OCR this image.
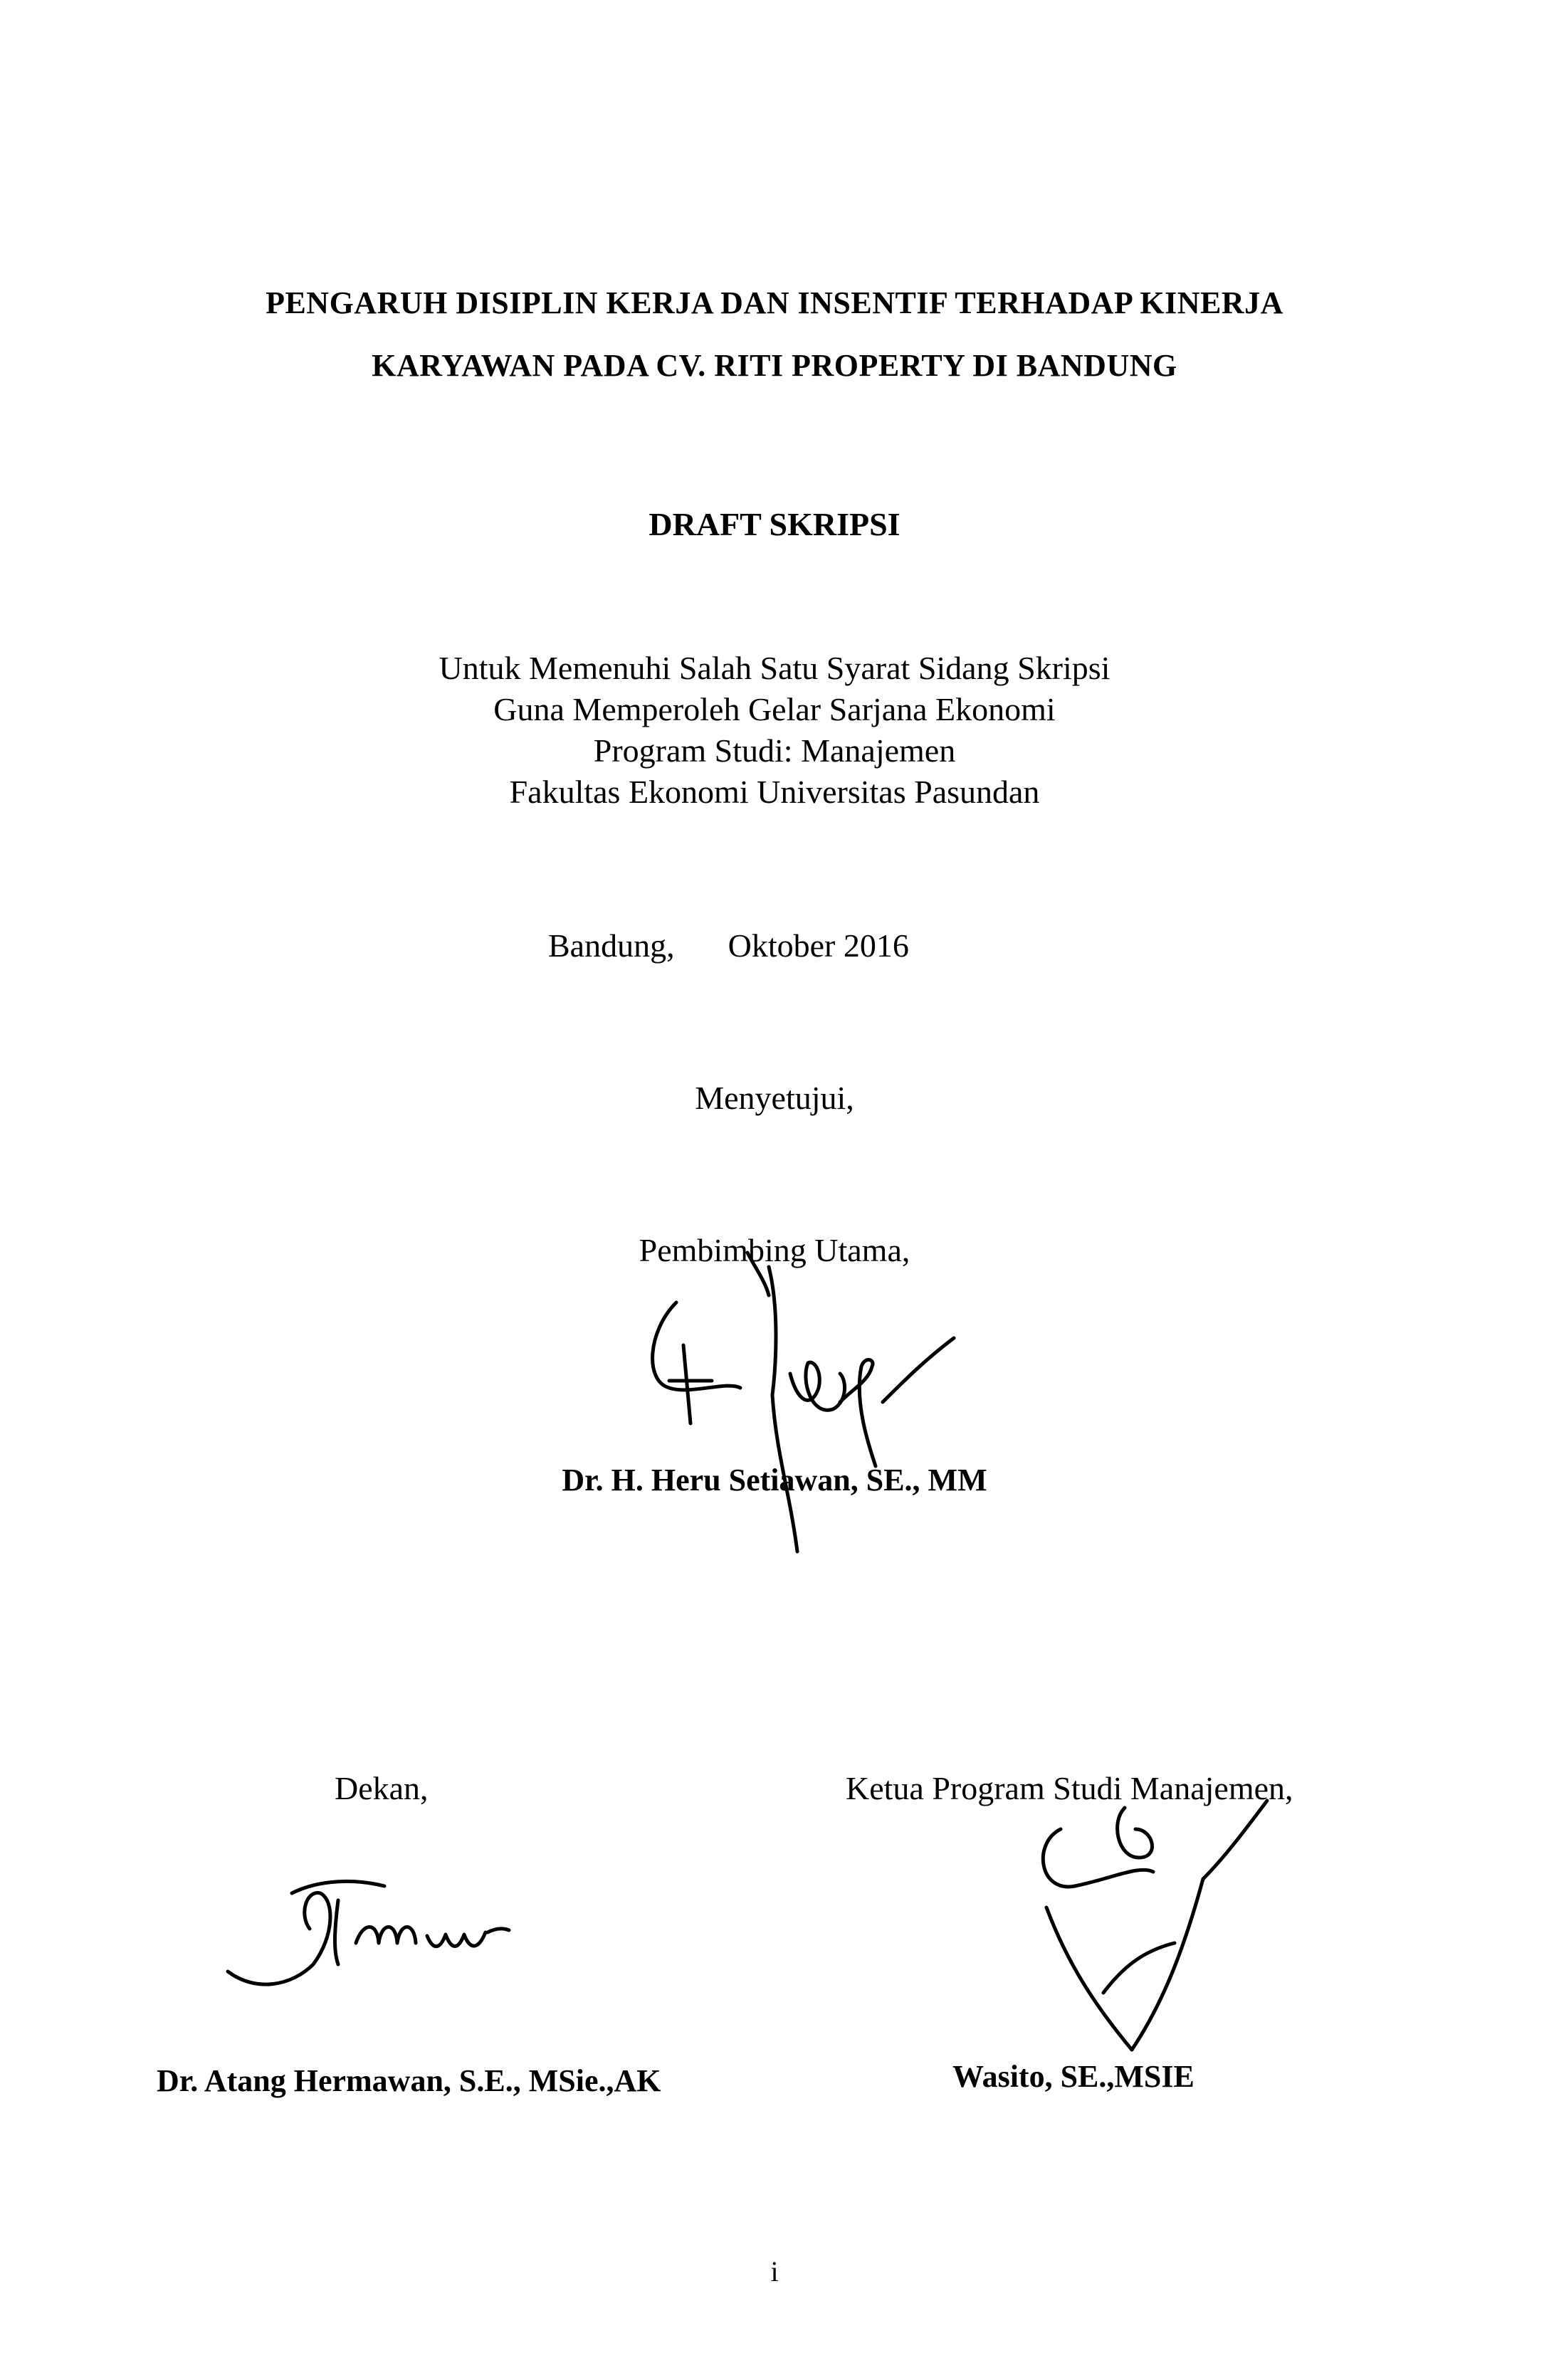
PENGARUH DISIPLIN KERJA DAN INSENTIF TERHADAP KINERJA
KARYAWAN PADA CV. RITI PROPERTY DI BANDUNG
DRAFT SKRIPSI
Untuk Memenuhi Salah Satu Syarat Sidang Skripsi
Guna Memperoleh Gelar Sarjana Ekonomi
Program Studi: Manajemen
Fakultas Ekonomi Universitas Pasundan
Bandung, Oktober 2016
Menyetujui,
Pembimbing Utama,
Dr. H. Heru Setiawan, SE., MM
Dekan,	Ketua Program Studi Manajemen,
Dr. Atang Hermawan, S.E., MSie.,AK	Wasito, SE.,MSIE
i
